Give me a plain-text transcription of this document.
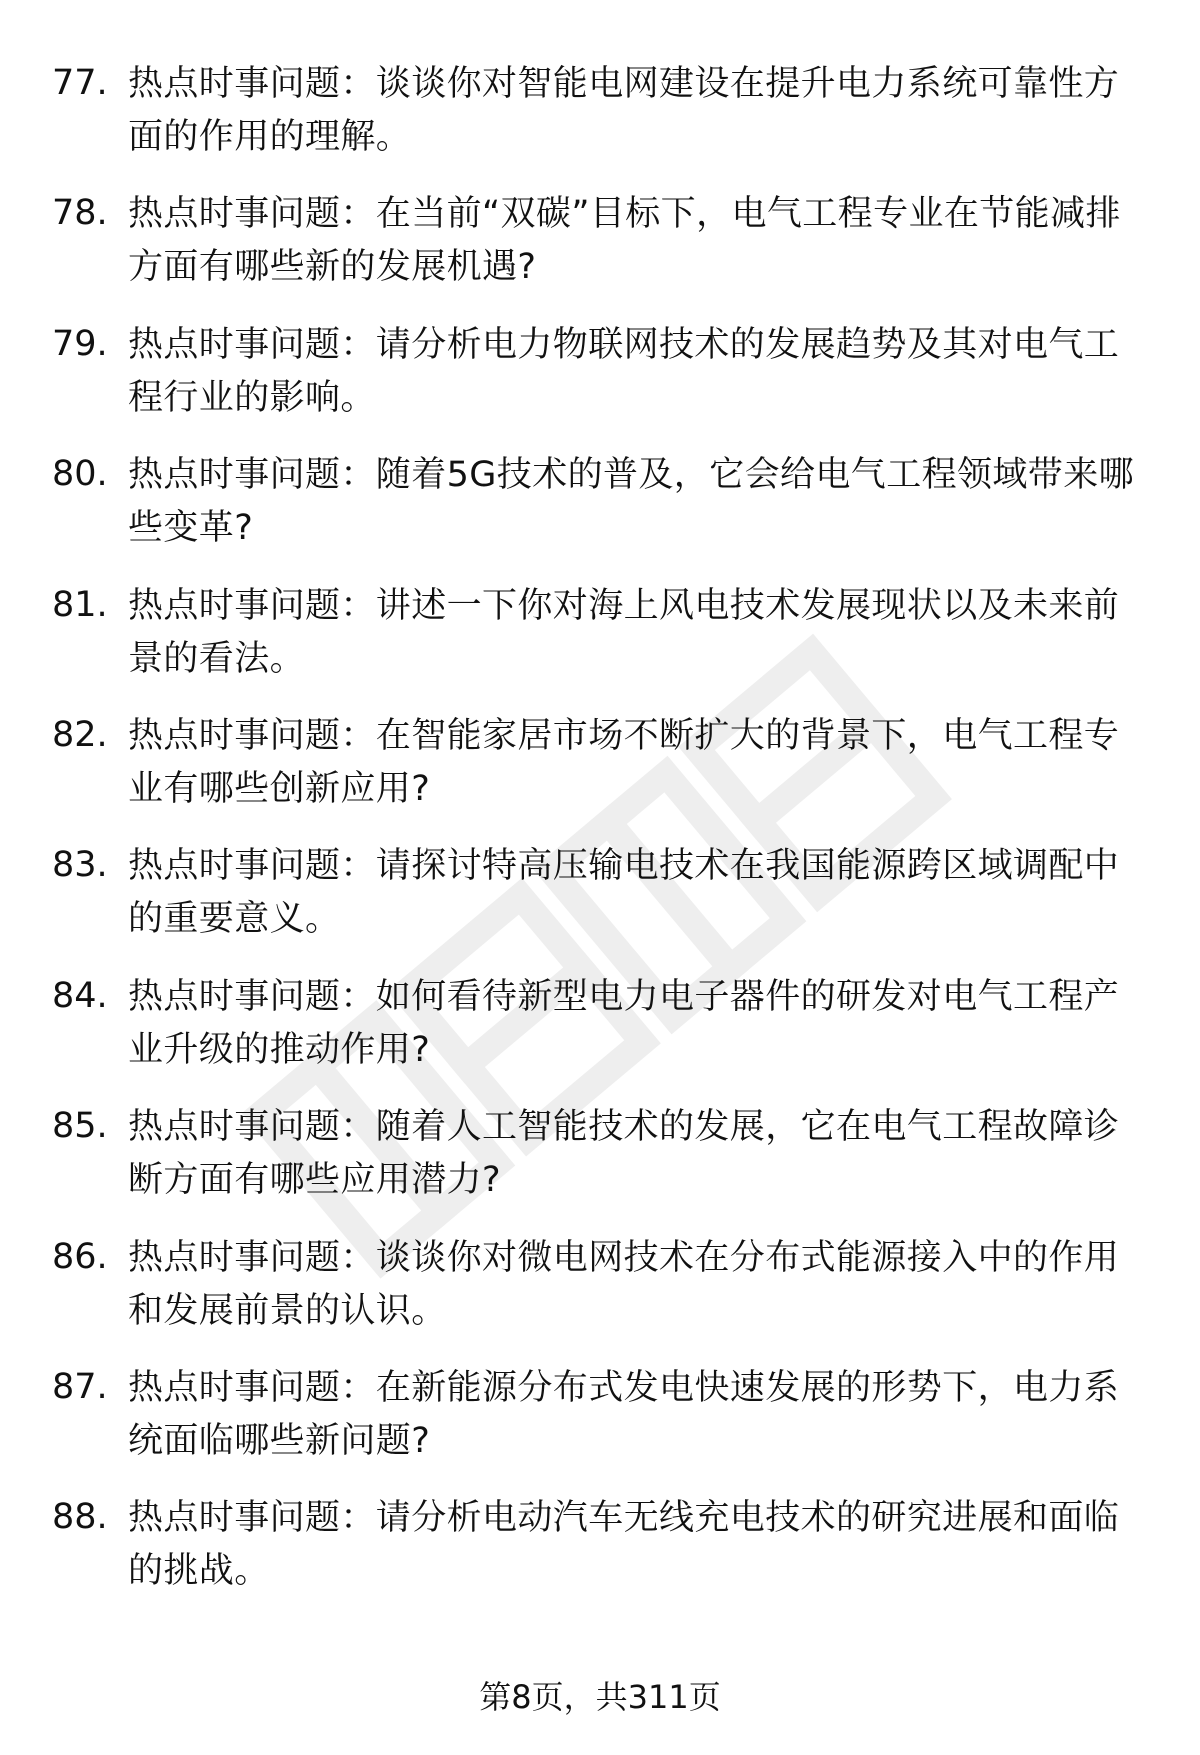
77. 热点时事问题：谈谈你对智能电网建设在提升电力系统可靠性方面的作用的理解。
78. 热点时事问题：在当前“双碳”目标下，电气工程专业在节能减排方面有哪些新的发展机遇?
79. 热点时事问题：请分析电力物联网技术的发展趋势及其对电气工程行业的影响。
80. 热点时事问题：随着5G技术的普及，它会给电气工程领域带来哪些变革?
81. 热点时事问题：讲述一下你对海上风电技术发展现状以及未来前景的看法。
82. 热点时事问题：在智能家居市场不断扩大的背景下，电气工程专业有哪些创新应用?
83. 热点时事问题：请探讨特高压输电技术在我国能源跨区域调配中的重要意义。
84. 热点时事问题：如何看待新型电力电子器件的研发对电气工程产业升级的推动作用?
85. 热点时事问题：随着人工智能技术的发展，它在电气工程故障诊断方面有哪些应用潜力?
86. 热点时事问题：谈谈你对微电网技术在分布式能源接入中的作用和发展前景的认识。
87. 热点时事问题：在新能源分布式发电快速发展的形势下，电力系统面临哪些新问题?
88. 热点时事问题：请分析电动汽车无线充电技术的研究进展和面临的挑战。
第8页，共311页
